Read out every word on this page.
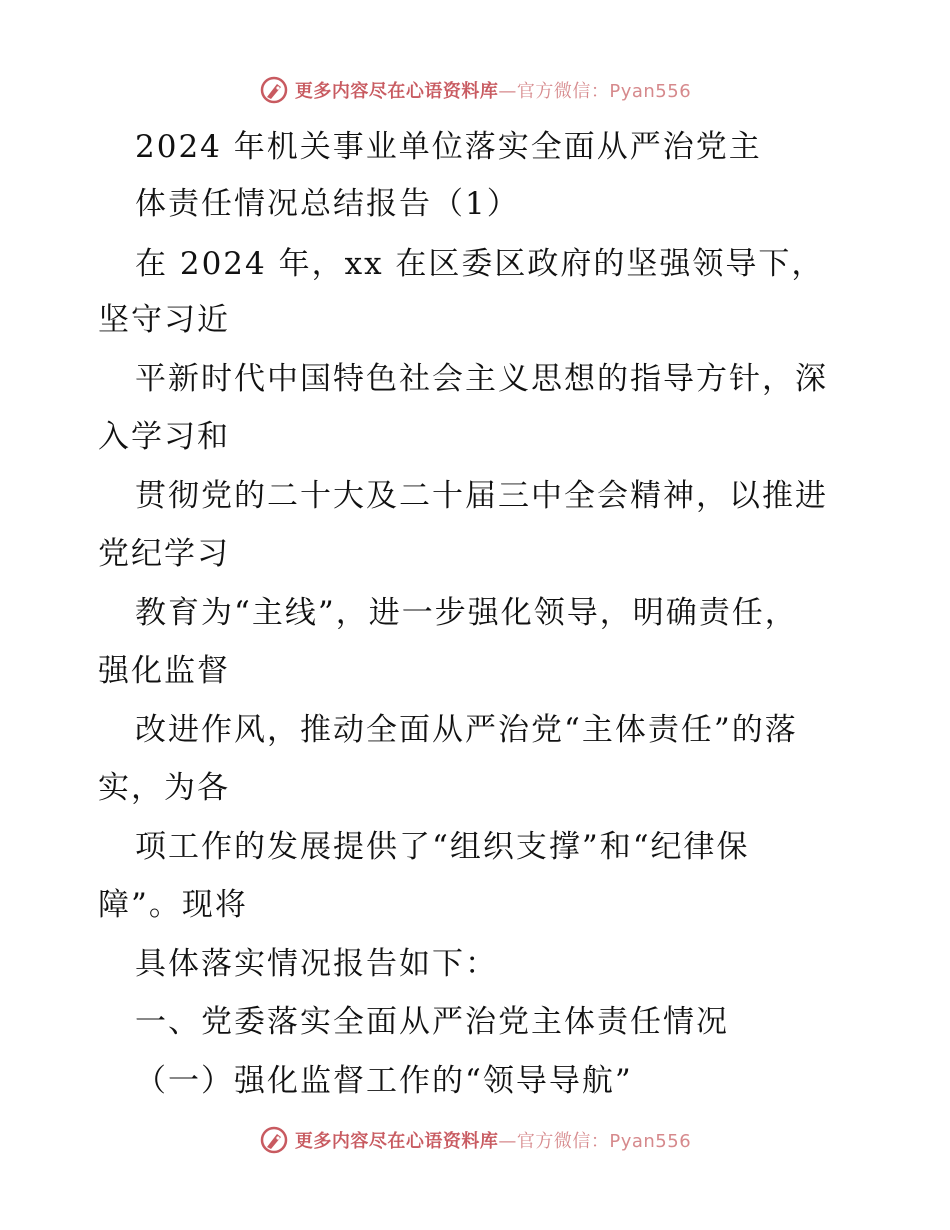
更多内容尽在心语资料库—官方微信：Pyan556
2024 年机关事业单位落实全面从严治党主
体责任情况总结报告（1）
在 2024 年，xx 在区委区政府的坚强领导下，
坚守习近
平新时代中国特色社会主义思想的指导方针，深
入学习和
贯彻党的二十大及二十届三中全会精神，以推进
党纪学习
教育为“主线”，进一步强化领导，明确责任，
强化监督
改进作风，推动全面从严治党“主体责任”的落
实，为各
项工作的发展提供了“组织支撑”和“纪律保
障”。现将
具体落实情况报告如下：
一、党委落实全面从严治党主体责任情况
（一）强化监督工作的“领导导航”
更多内容尽在心语资料库—官方微信：Pyan556
